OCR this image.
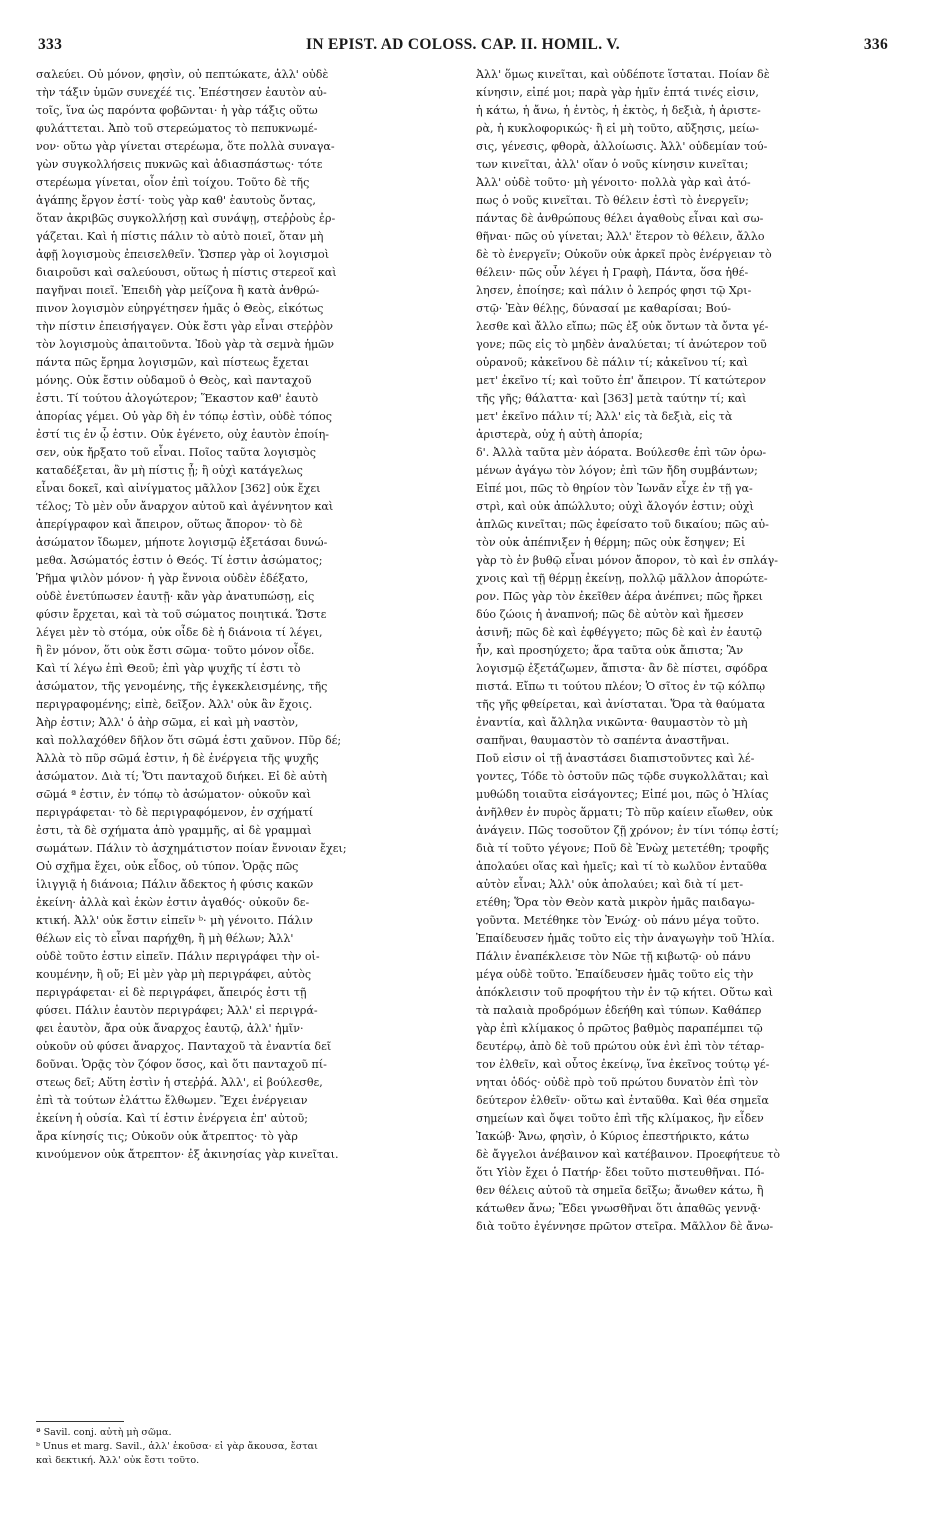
333	IN EPIST. AD COLOSS. CAP. II. HOMIL. V.	336

σαλεύει. Οὐ μόνον, φησὶν, οὐ πεπτώκατε, ἀλλ' οὐδὲ

τὴν τάξιν ὑμῶν συνεχέέ τις. Ἐπέστησεν ἑαυτὸν αὐ-

τοῖς, ἵνα ὡς παρόντα φοβῶνται· ἡ γὰρ τάξις οὕτω

φυλάττεται. Ἀπὸ τοῦ στερεώματος τὸ πεπυκνωμέ-

νον· οὕτω γὰρ γίνεται στερέωμα, ὅτε πολλὰ συναγα-

γὼν συγκολλήσεις πυκνῶς καὶ ἀδιασπάστως· τότε

στερέωμα γίνεται, οἷον ἐπὶ τοίχου. Τοῦτο δὲ τῆς

ἀγάπης ἔργον ἐστί· τοὺς γὰρ καθ' ἑαυτοὺς ὄντας,

ὅταν ἀκριβῶς συγκολλήσῃ καὶ συνάψῃ, στεῤῥοὺς ἐρ-

γάζεται. Καὶ ἡ πίστις πάλιν τὸ αὐτὸ ποιεῖ, ὅταν μὴ

ἀφῇ λογισμοὺς ἐπεισελθεῖν. Ὥσπερ γὰρ οἱ λογισμοὶ

διαιροῦσι καὶ σαλεύουσι, οὕτως ἡ πίστις στερεοῖ καὶ

παγῆναι ποιεῖ. Ἐπειδὴ γὰρ μείζονα ἢ κατὰ ἀνθρώ-

πινον λογισμὸν εὐηργέτησεν ἡμᾶς ὁ Θεὸς, εἰκότως

τὴν πίστιν ἐπεισήγαγεν. Οὐκ ἔστι γὰρ εἶναι στεῤῥὸν

τὸν λογισμοὺς ἀπαιτοῦντα. Ἰδοὺ γὰρ τὰ σεμνὰ ἡμῶν

πάντα πῶς ἔρημα λογισμῶν, καὶ πίστεως ἔχεται

μόνης. Οὐκ ἔστιν οὐδαμοῦ ὁ Θεὸς, καὶ πανταχοῦ

ἐστι. Τί τούτου ἀλογώτερον; Ἕκαστον καθ' ἑαυτὸ

ἀπορίας γέμει. Οὐ γὰρ δὴ ἐν τόπῳ ἐστὶν, οὐδὲ τόπος

ἐστί τις ἐν ᾧ ἐστιν. Οὐκ ἐγένετο, οὐχ ἑαυτὸν ἐποίη-

σεν, οὐκ ἤρξατο τοῦ εἶναι. Ποῖος ταῦτα λογισμὸς

καταδέξεται, ἂν μὴ πίστις ᾖ; ἢ οὐχὶ κατάγελως

εἶναι δοκεῖ, καὶ αἰνίγματος μᾶλλον [362] οὐκ ἔχει

τέλος; Τὸ μὲν οὖν ἄναρχον αὐτοῦ καὶ ἀγέννητον καὶ

ἀπερίγραφον καὶ ἄπειρον, οὕτως ἄπορον· τὸ δὲ

ἀσώματον ἴδωμεν, μήποτε λογισμῷ ἐξετάσαι δυνώ-

μεθα. Ἀσώματός ἐστιν ὁ Θεός. Τί ἐστιν ἀσώματος;

Ῥῆμα ψιλὸν μόνον· ἡ γὰρ ἔννοια οὐδὲν ἐδέξατο,

οὐδὲ ἐνετύπωσεν ἑαυτῇ· κἂν γὰρ ἀνατυπώσῃ, εἰς

φύσιν ἔρχεται, καὶ τὰ τοῦ σώματος ποιητικά. Ὥστε

λέγει μὲν τὸ στόμα, οὐκ οἶδε δὲ ἡ διάνοια τί λέγει,

ἢ ἓν μόνον, ὅτι οὐκ ἔστι σῶμα· τοῦτο μόνον οἶδε.

Καὶ τί λέγω ἐπὶ Θεοῦ; ἐπὶ γὰρ ψυχῆς τί ἐστι τὸ

ἀσώματον, τῆς γενομένης, τῆς ἐγκεκλεισμένης, τῆς

περιγραφομένης; εἰπὲ, δεῖξον. Ἀλλ' οὐκ ἂν ἔχοις.

Ἀὴρ ἐστιν; Ἀλλ' ὁ ἀὴρ σῶμα, εἰ καὶ μὴ ναστὸν,

καὶ πολλαχόθεν δῆλον ὅτι σῶμά ἐστι χαῦνον. Πῦρ δέ;

Ἀλλὰ τὸ πῦρ σῶμά ἐστιν, ἡ δὲ ἐνέργεια τῆς ψυχῆς

ἀσώματον. Διὰ τί; Ὅτι πανταχοῦ διήκει. Εἰ δὲ αὐτὴ

σῶμά ª ἐστιν, ἐν τόπῳ τὸ ἀσώματον· οὐκοῦν καὶ

περιγράφεται· τὸ δὲ περιγραφόμενον, ἐν σχήματί

ἐστι, τὰ δὲ σχήματα ἀπὸ γραμμῆς, αἱ δὲ γραμμαὶ

σωμάτων. Πάλιν τὸ ἀσχημάτιστον ποίαν ἔννοιαν ἔχει;

Οὐ σχῆμα ἔχει, οὐκ εἶδος, οὐ τύπον. Ὁρᾷς πῶς

ἰλιγγιᾷ ἡ διάνοια; Πάλιν ἄδεκτος ἡ φύσις κακῶν

ἐκείνη· ἀλλὰ καὶ ἑκὼν ἐστιν ἀγαθός· οὐκοῦν δε-

κτική. Ἀλλ' οὐκ ἔστιν εἰπεῖν ᵇ· μὴ γένοιτο. Πάλιν

θέλων εἰς τὸ εἶναι παρήχθη, ἢ μὴ θέλων; Ἀλλ'

οὐδὲ τοῦτο ἐστιν εἰπεῖν. Πάλιν περιγράφει τὴν οἰ-

κουμένην, ἢ οὔ; Εἰ μὲν γὰρ μὴ περιγράφει, αὐτὸς

περιγράφεται· εἰ δὲ περιγράφει, ἄπειρός ἐστι τῇ

φύσει. Πάλιν ἑαυτὸν περιγράφει; Ἀλλ' εἰ περιγρά-

φει ἑαυτὸν, ἄρα οὐκ ἄναρχος ἑαυτῷ, ἀλλ' ἡμῖν·

οὐκοῦν οὐ φύσει ἄναρχος. Πανταχοῦ τὰ ἐναντία δεῖ

δοῦναι. Ὁρᾷς τὸν ζόφον ὅσος, καὶ ὅτι πανταχοῦ πί-

στεως δεῖ; Αὕτη ἐστὶν ἡ στεῤῥά. Ἀλλ', εἰ βούλεσθε,

ἐπὶ τὰ τούτων ἐλάττω ἔλθωμεν. Ἔχει ἐνέργειαν

ἐκείνη ἡ οὐσία. Καὶ τί ἐστιν ἐνέργεια ἐπ' αὐτοῦ;

ἄρα κίνησίς τις; Οὐκοῦν οὐκ ἄτρεπτος· τὸ γὰρ

κινούμενον οὐκ ἄτρεπτον· ἐξ ἀκινησίας γὰρ κινεῖται.

Ἀλλ' ὅμως κινεῖται, καὶ οὐδέποτε ἵσταται. Ποίαν δὲ

κίνησιν, εἰπέ μοι; παρὰ γὰρ ἡμῖν ἑπτά τινές εἰσιν,

ἡ κάτω, ἡ ἄνω, ἡ ἐντὸς, ἡ ἐκτὸς, ἡ δεξιὰ, ἡ ἀριστε-

ρὰ, ἡ κυκλοφορικώς· ἢ εἰ μὴ τοῦτο, αὔξησις, μείω-

σις, γένεσις, φθορὰ, ἀλλοίωσις. Ἀλλ' οὐδεμίαν τού-

των κινεῖται, ἀλλ' οἵαν ὁ νοῦς κίνησιν κινεῖται;

Ἀλλ' οὐδὲ τοῦτο· μὴ γένοιτο· πολλὰ γὰρ καὶ ἀτό-

πως ὁ νοῦς κινεῖται. Τὸ θέλειν ἐστὶ τὸ ἐνεργεῖν;

πάντας δὲ ἀνθρώπους θέλει ἀγαθοὺς εἶναι καὶ σω-

θῆναι· πῶς οὐ γίνεται; Ἀλλ' ἕτερον τὸ θέλειν, ἄλλο

δὲ τὸ ἐνεργεῖν; Οὐκοῦν οὐκ ἀρκεῖ πρὸς ἐνέργειαν τὸ

θέλειν· πῶς οὖν λέγει ἡ Γραφὴ, Πάντα, ὅσα ἠθέ-

λησεν, ἐποίησε; καὶ πάλιν ὁ λεπρός φησι τῷ Χρι-

στῷ· Ἐὰν θέλῃς, δύνασαί με καθαρίσαι; Βού-

λεσθε καὶ ἄλλο εἴπω; πῶς ἐξ οὐκ ὄντων τὰ ὄντα γέ-

γονε; πῶς εἰς τὸ μηδὲν ἀναλύεται; τί ἀνώτερον τοῦ

οὐρανοῦ; κἀκεῖνου δὲ πάλιν τί; κἀκεῖνου τί; καὶ

μετ' ἐκεῖνο τί; καὶ τοῦτο ἐπ' ἄπειρον. Τί κατώτερον

τῆς γῆς; θάλαττα· καὶ [363] μετὰ ταύτην τί; καὶ

μετ' ἐκεῖνο πάλιν τί; Ἀλλ' εἰς τὰ δεξιὰ, εἰς τὰ

ἀριστερὰ, οὐχ ἡ αὐτὴ ἀπορία;

δ'. Ἀλλὰ ταῦτα μὲν ἀόρατα. Βούλεσθε ἐπὶ τῶν ὁρω-

μένων ἀγάγω τὸν λόγον; ἐπὶ τῶν ἤδη συμβάντων;

Εἰπέ μοι, πῶς τὸ θηρίον τὸν Ἰωνᾶν εἶχε ἐν τῇ γα-

στρὶ, καὶ οὐκ ἀπώλλυτο; οὐχὶ ἄλογόν ἐστιν; οὐχὶ

ἁπλῶς κινεῖται; πῶς ἐφείσατο τοῦ δικαίου; πῶς αὐ-

τὸν οὐκ ἀπέπνιξεν ἡ θέρμη; πῶς οὐκ ἔσηψεν; Εἰ

γὰρ τὸ ἐν βυθῷ εἶναι μόνον ἄπορον, τὸ καὶ ἐν σπλάγ-

χνοις καὶ τῇ θέρμῃ ἐκείνῃ, πολλῷ μᾶλλον ἀπορώτε-

ρον. Πῶς γὰρ τὸν ἐκεῖθεν ἀέρα ἀνέπνει; πῶς ἤρκει

δύο ζώοις ἡ ἀναπνοή; πῶς δὲ αὐτὸν καὶ ἤμεσεν

ἀσινῆ; πῶς δὲ καὶ ἐφθέγγετο; πῶς δὲ καὶ ἐν ἑαυτῷ

ἦν, καὶ προσηύχετο; ἄρα ταῦτα οὐκ ἄπιστα; Ἂν

λογισμῷ ἐξετάζωμεν, ἄπιστα· ἂν δὲ πίστει, σφόδρα

πιστά. Εἴπω τι τούτου πλέον; Ὁ σῖτος ἐν τῷ κόλπῳ

τῆς γῆς φθείρεται, καὶ ἀνίσταται. Ὅρα τὰ θαύματα

ἐναντία, καὶ ἄλληλα νικῶντα· θαυμαστὸν τὸ μὴ

σαπῆναι, θαυμαστὸν τὸ σαπέντα ἀναστῆναι.

Ποῦ εἰσιν οἱ τῇ ἀναστάσει διαπιστοῦντες καὶ λέ-

γοντες, Τόδε τὸ ὀστοῦν πῶς τῷδε συγκολλᾶται; καὶ

μυθώδη τοιαῦτα εἰσάγοντες; Εἰπέ μοι, πῶς ὁ Ἠλίας

ἀνῆλθεν ἐν πυρὸς ἅρματι; Τὸ πῦρ καίειν εἴωθεν, οὐκ

ἀνάγειν. Πῶς τοσοῦτον ζῇ χρόνον; ἐν τίνι τόπῳ ἐστί;

διὰ τί τοῦτο γέγονε; Ποῦ δὲ Ἐνὼχ μετετέθη; τροφῆς

ἀπολαύει οἵας καὶ ἡμεῖς; καὶ τί τὸ κωλῦον ἐνταῦθα

αὐτὸν εἶναι; Ἀλλ' οὐκ ἀπολαύει; καὶ διὰ τί μετ-

ετέθη; Ὅρα τὸν Θεὸν κατὰ μικρὸν ἡμᾶς παιδαγω-

γοῦντα. Μετέθηκε τὸν Ἐνώχ· οὐ πάνυ μέγα τοῦτο.

Ἐπαίδευσεν ἡμᾶς τοῦτο εἰς τὴν ἀναγωγὴν τοῦ Ἠλία.

Πάλιν ἐναπέκλεισε τὸν Νῶε τῇ κιβωτῷ· οὐ πάνυ

μέγα οὐδὲ τοῦτο. Ἐπαίδευσεν ἡμᾶς τοῦτο εἰς τὴν

ἀπόκλεισιν τοῦ προφήτου τὴν ἐν τῷ κήτει. Οὕτω καὶ

τὰ παλαιὰ προδρόμων ἐδεήθη καὶ τύπων. Καθάπερ

γὰρ ἐπὶ κλίμακος ὁ πρῶτος βαθμὸς παραπέμπει τῷ

δευτέρῳ, ἀπὸ δὲ τοῦ πρώτου οὐκ ἐνὶ ἐπὶ τὸν τέταρ-

τον ἐλθεῖν, καὶ οὗτος ἐκείνῳ, ἵνα ἐκεῖνος τούτῳ γέ-

νηται ὁδός· οὐδὲ πρὸ τοῦ πρώτου δυνατὸν ἐπὶ τὸν

δεύτερον ἐλθεῖν· οὕτω καὶ ἐνταῦθα. Καὶ θέα σημεῖα

σημείων καὶ ὄψει τοῦτο ἐπὶ τῆς κλίμακος, ἣν εἶδεν

Ἰακώβ· Ἄνω, φησὶν, ὁ Κύριος ἐπεστήρικτο, κάτω

δὲ ἄγγελοι ἀνέβαινον καὶ κατέβαινον. Προεφήτευε τὸ

ὅτι Υἱὸν ἔχει ὁ Πατήρ· ἔδει τοῦτο πιστευθῆναι. Πό-

θεν θέλεις αὐτοῦ τὰ σημεῖα δεῖξω; ἄνωθεν κάτω, ἢ

κάτωθεν ἄνω; Ἔδει γνωσθῆναι ὅτι ἀπαθῶς γεννᾷ·

διὰ τοῦτο ἐγέννησε πρῶτον στεῖρα. Μᾶλλον δὲ ἄνω-

ª Savil. conj. αὐτὴ μὴ σῶμα.
ᵇ Unus et marg. Savil., ἀλλ' ἑκοῦσα· εἰ γὰρ ἄκουσα, ἔσται
καὶ δεκτική. Ἀλλ' οὐκ ἔστι τοῦτο.
